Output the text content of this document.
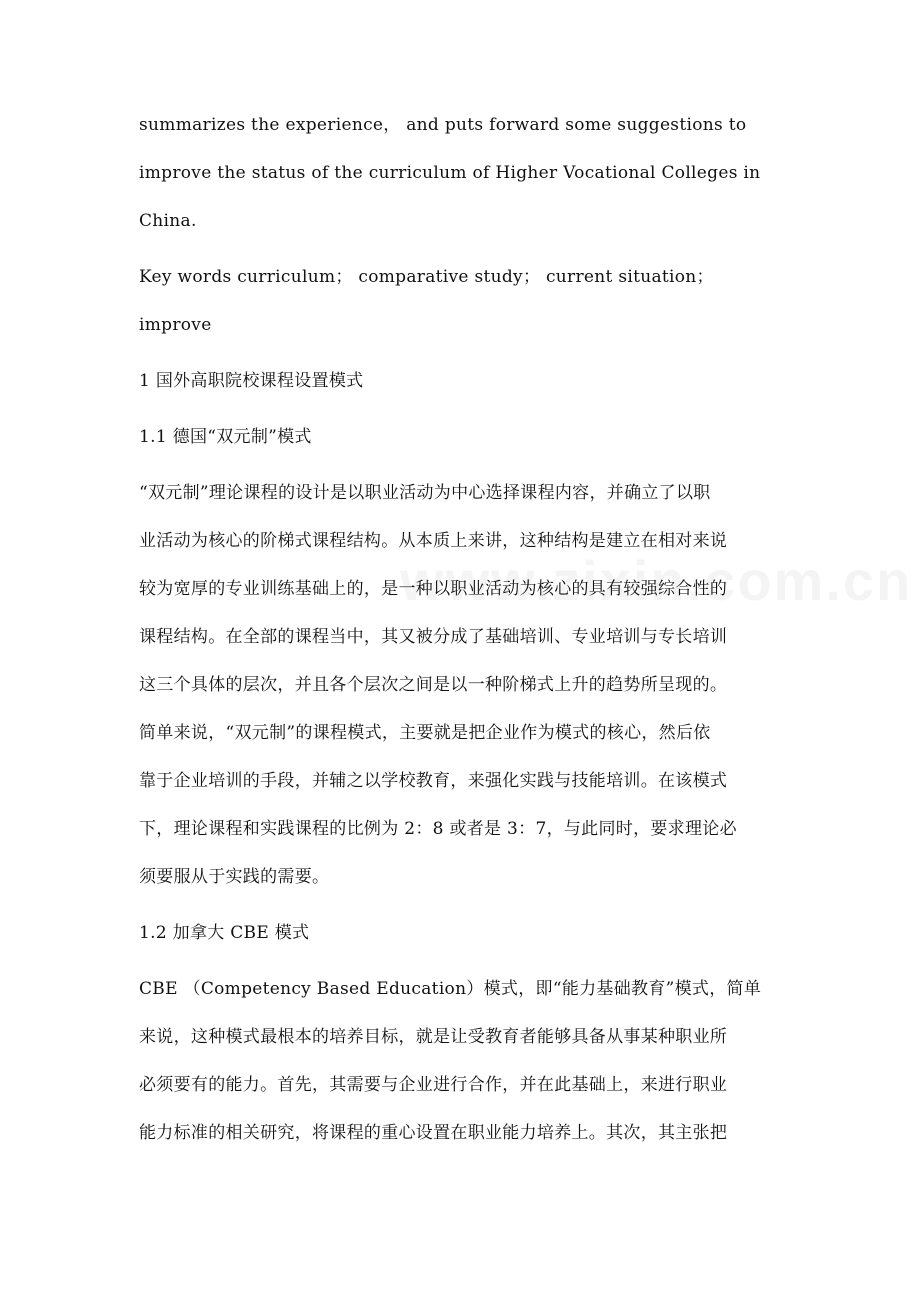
summarizes the experience， and puts forward some suggestions to
improve the status of the curriculum of Higher Vocational Colleges in
China.
Key words curriculum； comparative study； current situation；
improve
1 国外高职院校课程设置模式
1.1 德国“双元制”模式
“双元制”理论课程的设计是以职业活动为中心选择课程内容，并确立了以职
业活动为核心的阶梯式课程结构。从本质上来讲，这种结构是建立在相对来说
较为宽厚的专业训练基础上的，是一种以职业活动为核心的具有较强综合性的
课程结构。在全部的课程当中，其又被分成了基础培训、专业培训与专长培训
这三个具体的层次，并且各个层次之间是以一种阶梯式上升的趋势所呈现的。
简单来说，“双元制”的课程模式，主要就是把企业作为模式的核心，然后依
靠于企业培训的手段，并辅之以学校教育，来强化实践与技能培训。在该模式
下，理论课程和实践课程的比例为 2：8 或者是 3：7，与此同时，要求理论必
须要服从于实践的需要。
1.2 加拿大 CBE 模式
CBE （Competency Based Education）模式，即“能力基础教育”模式，简单
来说，这种模式最根本的培养目标，就是让受教育者能够具备从事某种职业所
必须要有的能力。首先，其需要与企业进行合作，并在此基础上，来进行职业
能力标准的相关研究，将课程的重心设置在职业能力培养上。其次，其主张把
